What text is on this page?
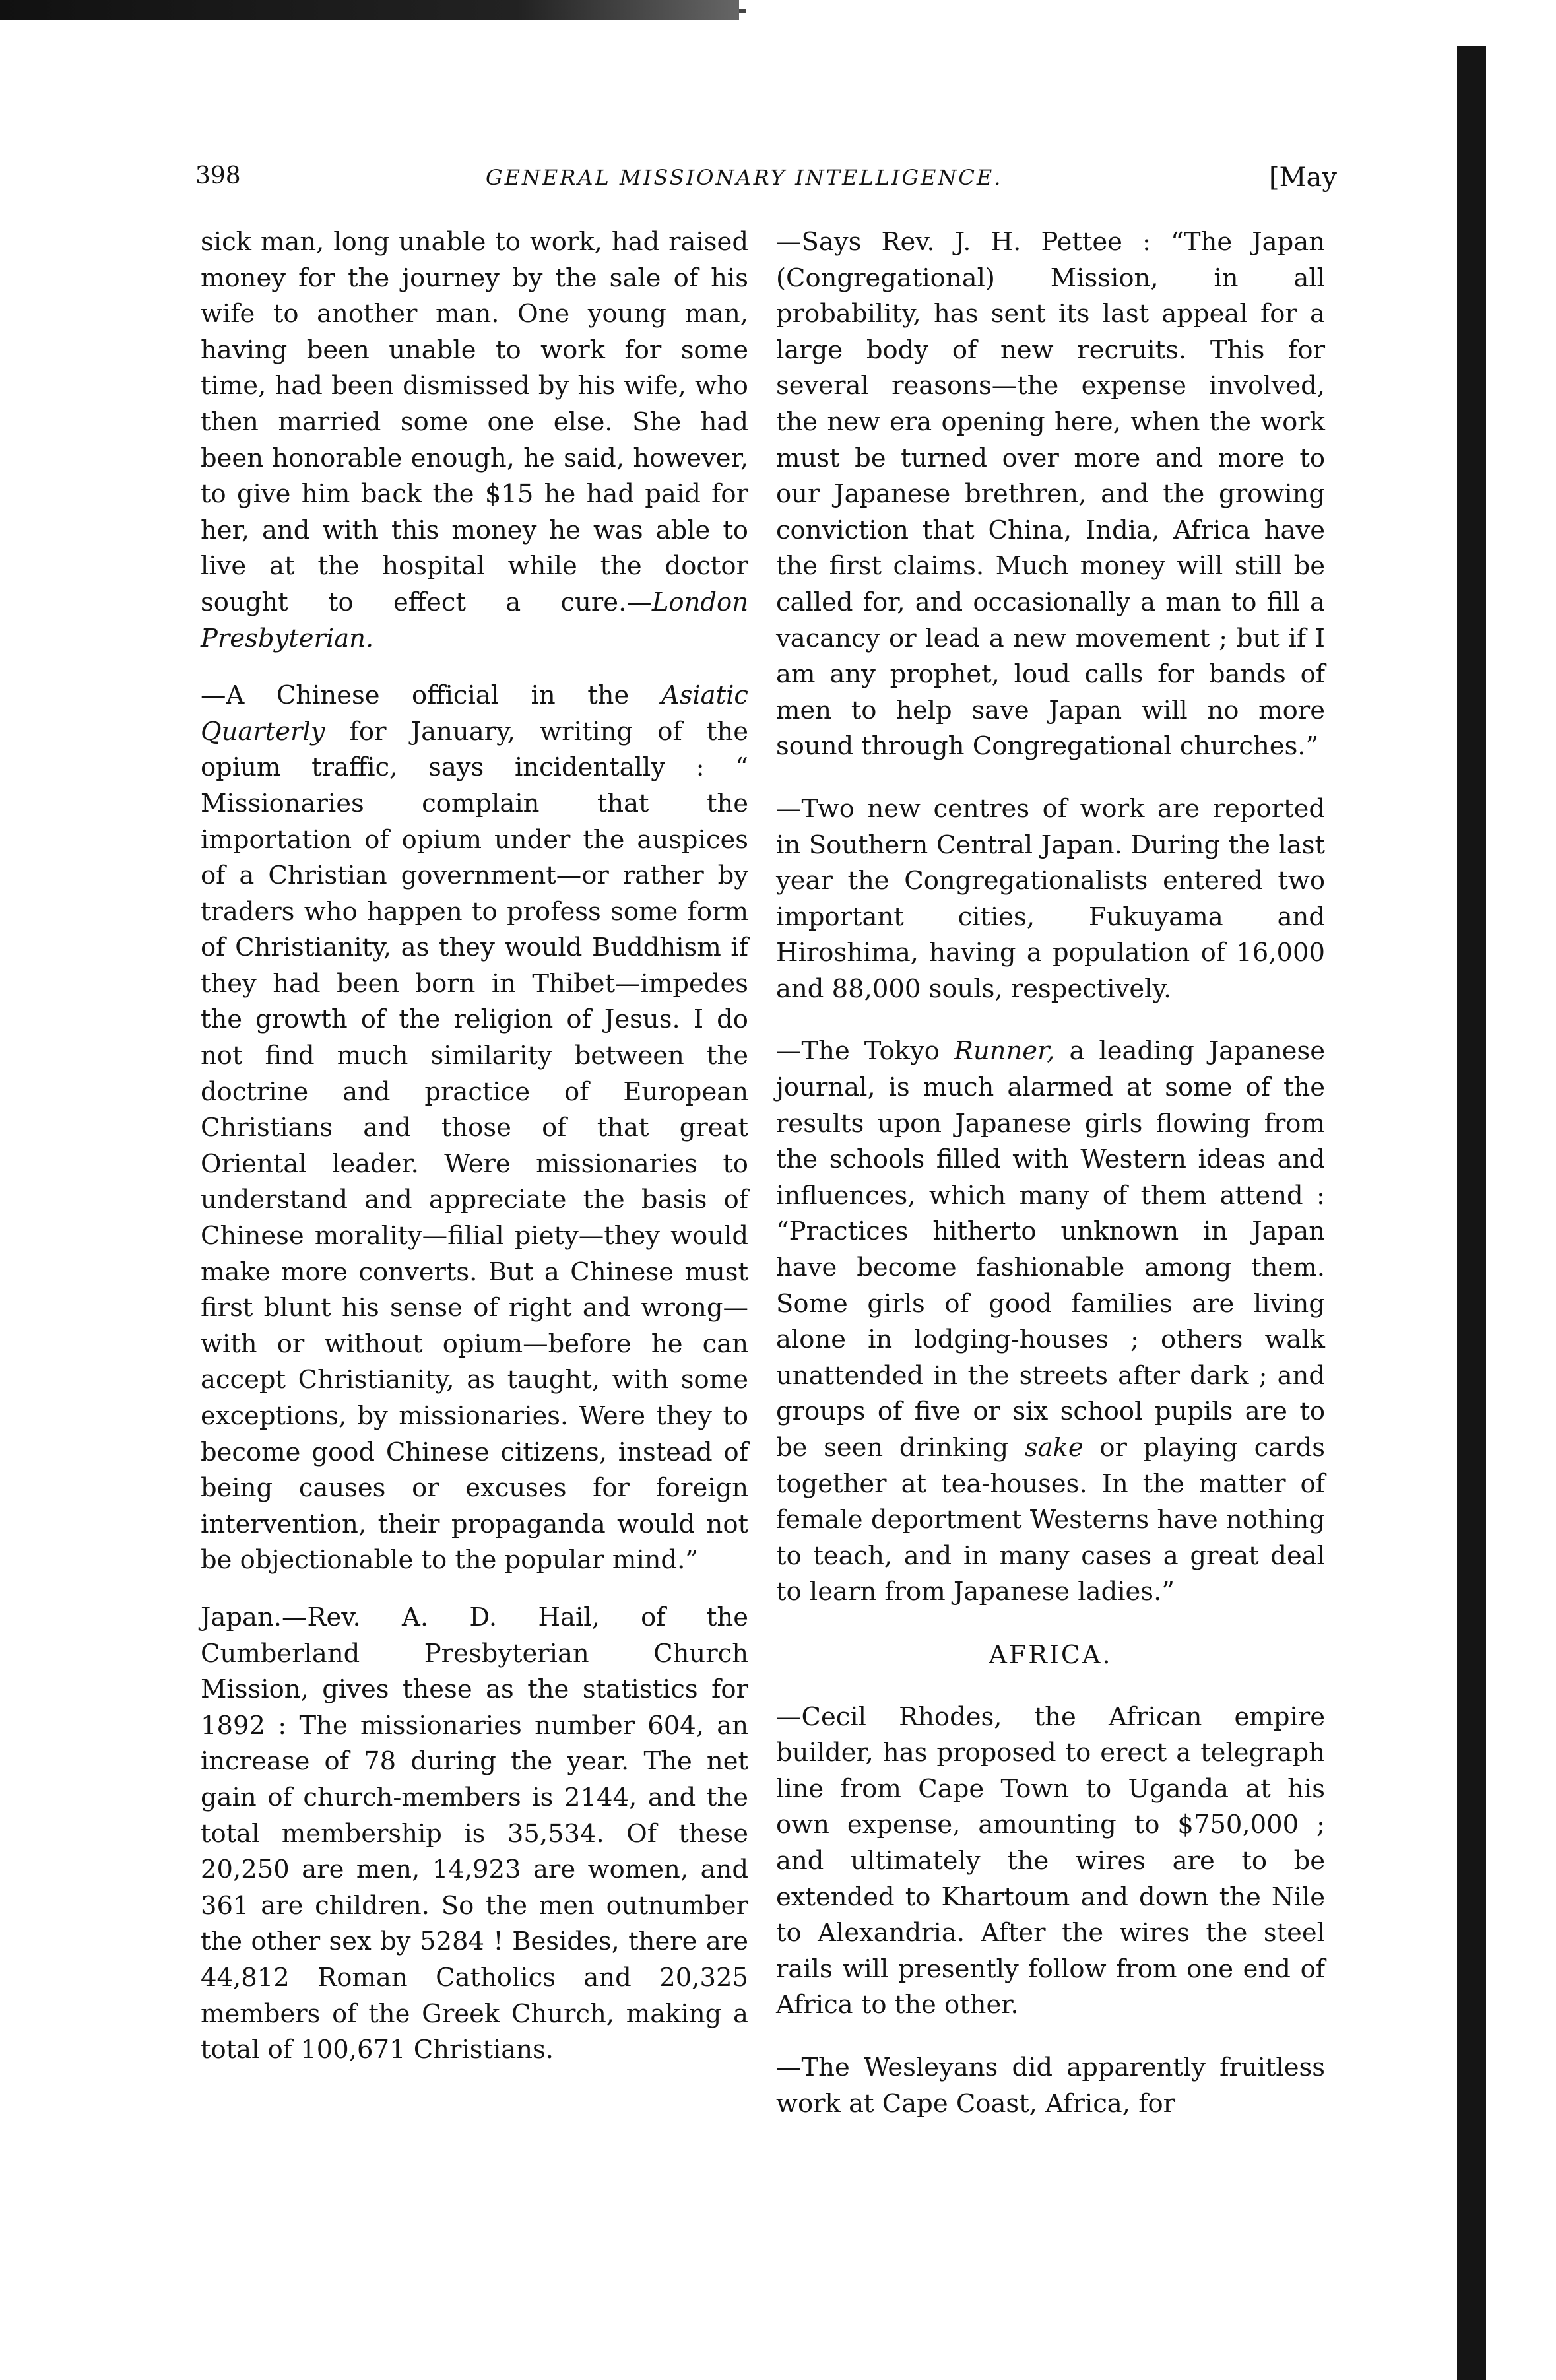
398	GENERAL MISSIONARY INTELLIGENCE.	[May

sick man, long unable to work, had raised money for the journey by the sale of his wife to another man. One young man, having been unable to work for some time, had been dismissed by his wife, who then married some one else. She had been honorable enough, he said, however, to give him back the $15 he had paid for her, and with this money he was able to live at the hospital while the doctor sought to effect a cure.—London Presbyterian.

—A Chinese official in the Asiatic Quarterly for January, writing of the opium traffic, says incidentally : “ Missionaries complain that the importation of opium under the auspices of a Christian government—or rather by traders who happen to profess some form of Christianity, as they would Buddhism if they had been born in Thibet—impedes the growth of the religion of Jesus. I do not find much similarity between the doctrine and practice of European Christians and those of that great Oriental leader. Were missionaries to understand and appreciate the basis of Chinese morality—filial piety—they would make more converts. But a Chinese must first blunt his sense of right and wrong—with or without opium—before he can accept Christianity, as taught, with some exceptions, by missionaries. Were they to become good Chinese citizens, instead of being causes or excuses for foreign intervention, their propaganda would not be objectionable to the popular mind.”

Japan.—Rev. A. D. Hail, of the Cumberland Presbyterian Church Mission, gives these as the statistics for 1892 : The missionaries number 604, an increase of 78 during the year. The net gain of church-members is 2144, and the total membership is 35,534. Of these 20,250 are men, 14,923 are women, and 361 are children. So the men outnumber the other sex by 5284 ! Besides, there are 44,812 Roman Catholics and 20,325 members of the Greek Church, making a total of 100,671 Christians.

—Says Rev. J. H. Pettee : “The Japan (Congregational) Mission, in all probability, has sent its last appeal for a large body of new recruits. This for several reasons—the expense involved, the new era opening here, when the work must be turned over more and more to our Japanese brethren, and the growing conviction that China, India, Africa have the first claims. Much money will still be called for, and occasionally a man to fill a vacancy or lead a new movement ; but if I am any prophet, loud calls for bands of men to help save Japan will no more sound through Congregational churches.”

—Two new centres of work are reported in Southern Central Japan. During the last year the Congregationalists entered two important cities, Fukuyama and Hiroshima, having a population of 16,000 and 88,000 souls, respectively.

—The Tokyo Runner, a leading Japanese journal, is much alarmed at some of the results upon Japanese girls flowing from the schools filled with Western ideas and influences, which many of them attend : “Practices hitherto unknown in Japan have become fashionable among them. Some girls of good families are living alone in lodging-houses ; others walk unattended in the streets after dark ; and groups of five or six school pupils are to be seen drinking sake or playing cards together at tea-houses. In the matter of female deportment Westerns have nothing to teach, and in many cases a great deal to learn from Japanese ladies.”

AFRICA.

—Cecil Rhodes, the African empire builder, has proposed to erect a telegraph line from Cape Town to Uganda at his own expense, amounting to $750,000 ; and ultimately the wires are to be extended to Khartoum and down the Nile to Alexandria. After the wires the steel rails will presently follow from one end of Africa to the other.

—The Wesleyans did apparently fruitless work at Cape Coast, Africa, for
